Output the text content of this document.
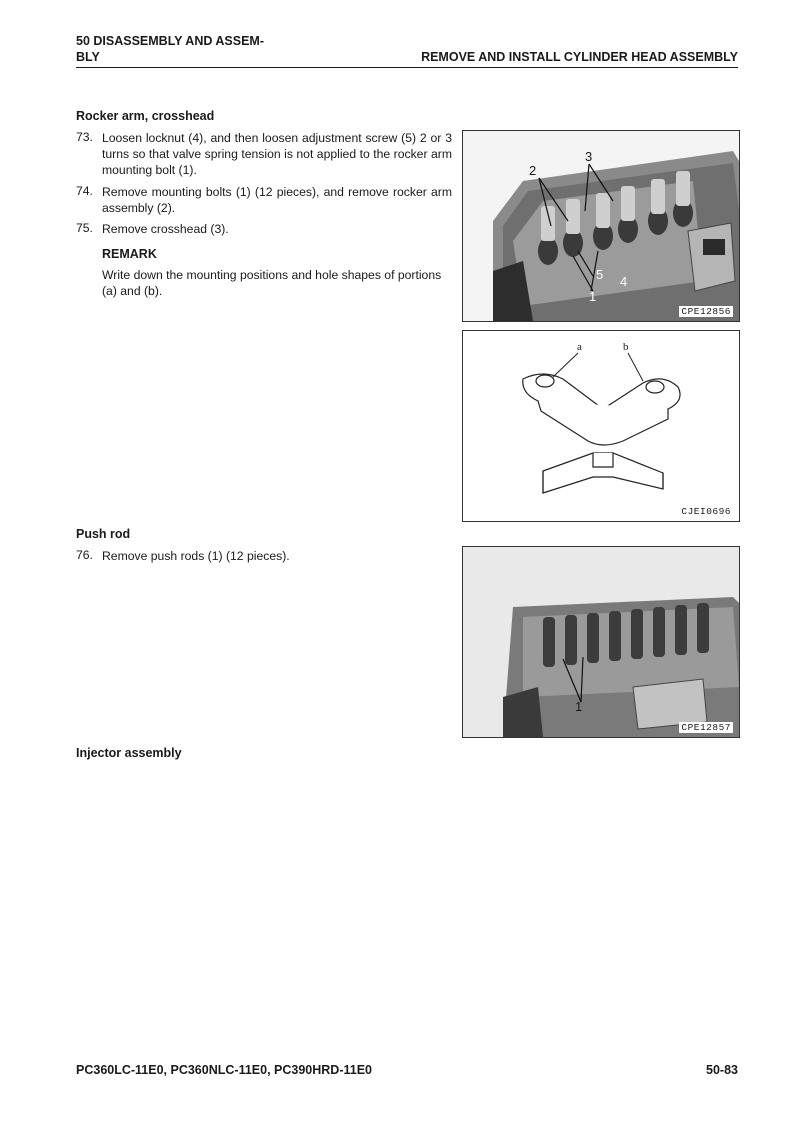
50 DISASSEMBLY AND ASSEM-
BLY	REMOVE AND INSTALL CYLINDER HEAD ASSEMBLY
Rocker arm, crosshead
73. Loosen locknut (4), and then loosen adjustment screw (5) 2 or 3 turns so that valve spring tension is not applied to the rocker arm mounting bolt (1).
74. Remove mounting bolts (1) (12 pieces), and remove rocker arm assembly (2).
75. Remove crosshead (3).
REMARK
Write down the mounting positions and hole shapes of portions (a) and (b).
2
3
5 4
1
CPE12856
a	b
CJEI0696
Push rod
76. Remove push rods (1) (12 pieces).
1
CPE12857
Injector assembly
PC360LC-11E0, PC360NLC-11E0, PC390HRD-11E0	50-83
